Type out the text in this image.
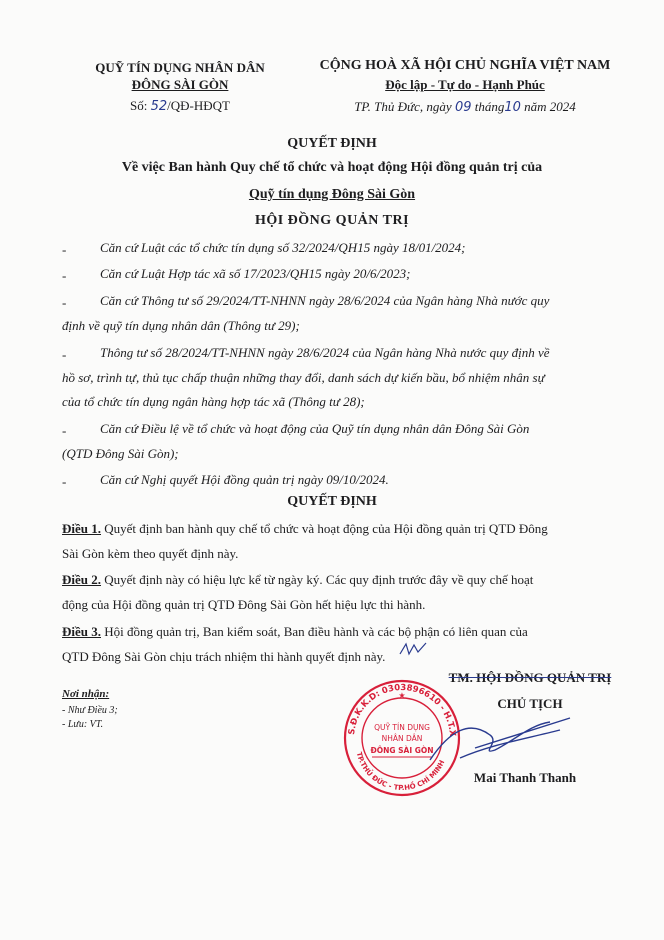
QUỸ TÍN DỤNG NHÂN DÂN
ĐÔNG SÀI GÒN
Số: 52/QĐ-HĐQT
CỘNG HOÀ XÃ HỘI CHỦ NGHĨA VIỆT NAM
Độc lập - Tự do - Hạnh Phúc
TP. Thủ Đức, ngày 09 tháng10 năm 2024
QUYẾT ĐỊNH
Về việc Ban hành Quy chế tổ chức và hoạt động Hội đồng quản trị của
Quỹ tín dụng Đông Sài Gòn
HỘI ĐỒNG QUẢN TRỊ
-	Căn cứ Luật các tổ chức tín dụng số 32/2024/QH15 ngày 18/01/2024;
-	Căn cứ Luật Hợp tác xã số 17/2023/QH15 ngày 20/6/2023;
-	Căn cứ Thông tư số 29/2024/TT-NHNN ngày 28/6/2024 của Ngân hàng Nhà nước quy
định về quỹ tín dụng nhân dân (Thông tư 29);
-	Thông tư số 28/2024/TT-NHNN ngày 28/6/2024 của Ngân hàng Nhà nước quy định về
hồ sơ, trình tự, thủ tục chấp thuận những thay đổi, danh sách dự kiến bầu, bổ nhiệm nhân sự
của tổ chức tín dụng ngân hàng hợp tác xã (Thông tư 28);
-	Căn cứ Điều lệ về tổ chức và hoạt động của Quỹ tín dụng nhân dân Đông Sài Gòn
(QTD Đông Sài Gòn);
-	Căn cứ Nghị quyết Hội đồng quản trị ngày 09/10/2024.
QUYẾT ĐỊNH
Điều 1. Quyết định ban hành quy chế tổ chức và hoạt động của Hội đồng quản trị QTD Đông
Sài Gòn kèm theo quyết định này.
Điều 2. Quyết định này có hiệu lực kể từ ngày ký. Các quy định trước đây về quy chế hoạt
động của Hội đồng quản trị QTD Đông Sài Gòn hết hiệu lực thi hành.
Điều 3. Hội đồng quản trị, Ban kiểm soát, Ban điều hành và các bộ phận có liên quan của
QTD Đông Sài Gòn chịu trách nhiệm thi hành quyết định này.
Nơi nhận:
- Như Điều 3;
- Lưu: VT.
TM. HỘI ĐỒNG QUẢN TRỊ
CHỦ TỊCH
S.Đ.K.K.D: 0303896610 - H.T.X
TP.THỦ ĐỨC - TP.HỒ CHÍ MINH
QUỸ TÍN DỤNG
NHÂN DÂN
ĐÔNG SÀI GÒN
★
Mai Thanh Thanh
